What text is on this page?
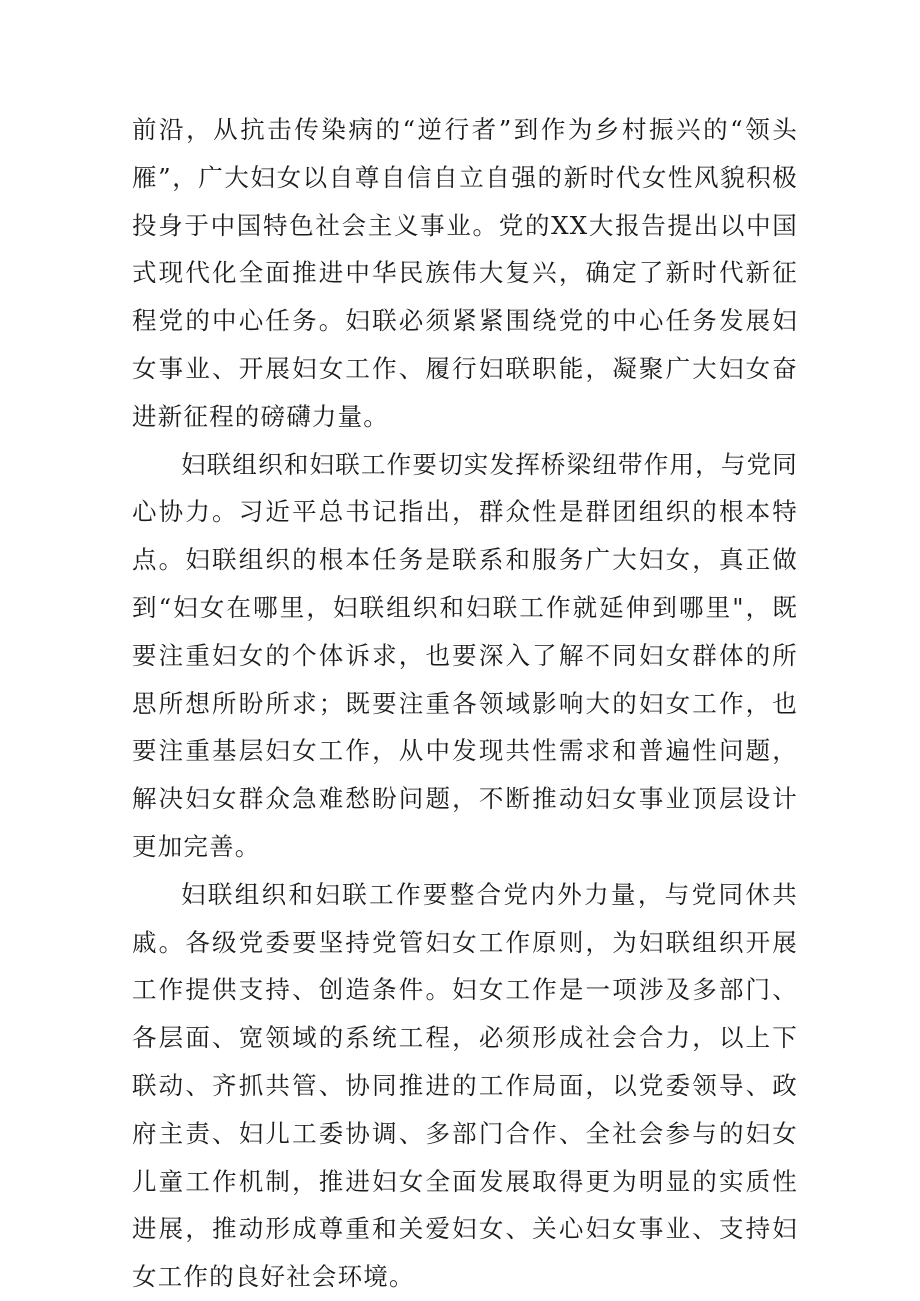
前沿，从抗击传染病的“逆行者”到作为乡村振兴的“领头雁”，广大妇女以自尊自信自立自强的新时代女性风貌积极投身于中国特色社会主义事业。党的XX大报告提出以中国式现代化全面推进中华民族伟大复兴，确定了新时代新征程党的中心任务。妇联必须紧紧围绕党的中心任务发展妇女事业、开展妇女工作、履行妇联职能，凝聚广大妇女奋进新征程的磅礴力量。

妇联组织和妇联工作要切实发挥桥梁纽带作用，与党同心协力。习近平总书记指出，群众性是群团组织的根本特点。妇联组织的根本任务是联系和服务广大妇女，真正做到“妇女在哪里，妇联组织和妇联工作就延伸到哪里"，既要注重妇女的个体诉求，也要深入了解不同妇女群体的所思所想所盼所求；既要注重各领域影响大的妇女工作，也要注重基层妇女工作，从中发现共性需求和普遍性问题，解决妇女群众急难愁盼问题，不断推动妇女事业顶层设计更加完善。

妇联组织和妇联工作要整合党内外力量，与党同休共戚。各级党委要坚持党管妇女工作原则，为妇联组织开展工作提供支持、创造条件。妇女工作是一项涉及多部门、各层面、宽领域的系统工程，必须形成社会合力，以上下联动、齐抓共管、协同推进的工作局面，以党委领导、政府主责、妇儿工委协调、多部门合作、全社会参与的妇女儿童工作机制，推进妇女全面发展取得更为明显的实质性进展，推动形成尊重和关爱妇女、关心妇女事业、支持妇女工作的良好社会环境。
